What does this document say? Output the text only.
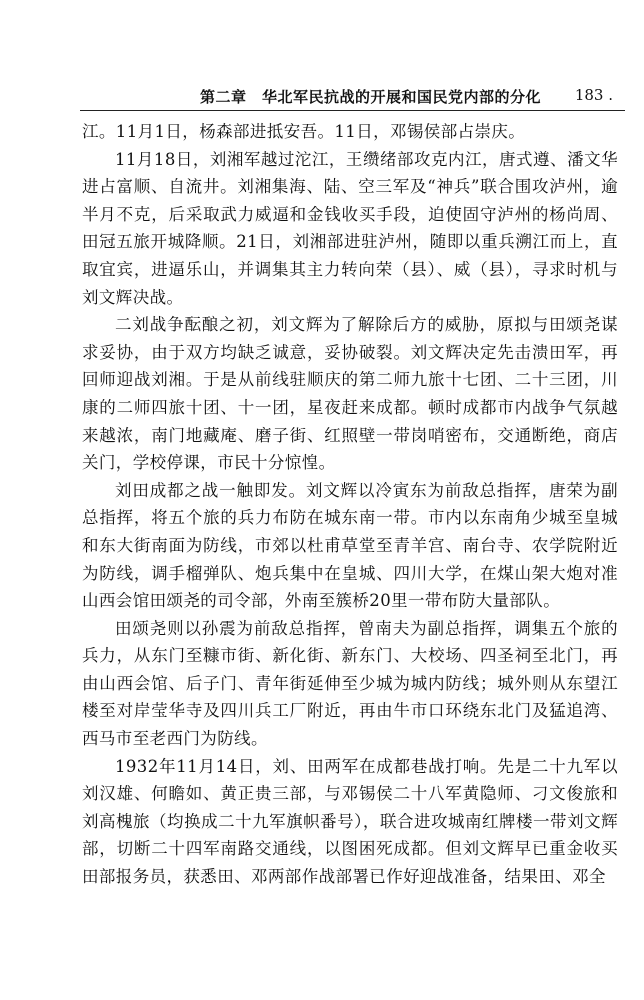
第二章　华北军民抗战的开展和国民党内部的分化 183 .

江。11月1日，杨森部进抵安吾。11日，邓锡侯部占崇庆。

11月18日，刘湘军越过沱江，王缵绪部攻克内江，唐式遵、潘文华进占富顺、自流井。刘湘集海、陆、空三军及“神兵”联合围攻泸州，逾半月不克，后采取武力威逼和金钱收买手段，迫使固守泸州的杨尚周、田冠五旅开城降顺。21日，刘湘部进驻泸州，随即以重兵溯江而上，直取宜宾，进逼乐山，并调集其主力转向荣（县）、威（县），寻求时机与刘文辉决战。

二刘战争酝酿之初，刘文辉为了解除后方的威胁，原拟与田颂尧谋求妥协，由于双方均缺乏诚意，妥协破裂。刘文辉决定先击溃田军，再回师迎战刘湘。于是从前线驻顺庆的第二师九旅十七团、二十三团，川康的二师四旅十团、十一团，星夜赶来成都。顿时成都市内战争气氛越来越浓，南门地藏庵、磨子街、红照壁一带岗哨密布，交通断绝，商店关门，学校停课，市民十分惊惶。

刘田成都之战一触即发。刘文辉以冷寅东为前敌总指挥，唐荣为副总指挥，将五个旅的兵力布防在城东南一带。市内以东南角少城至皇城和东大街南面为防线，市郊以杜甫草堂至青羊宫、南台寺、农学院附近为防线，调手榴弹队、炮兵集中在皇城、四川大学，在煤山架大炮对准山西会馆田颂尧的司令部，外南至簇桥20里一带布防大量部队。

田颂尧则以孙震为前敌总指挥，曾南夫为副总指挥，调集五个旅的兵力，从东门至糠市街、新化街、新东门、大校场、四圣祠至北门，再由山西会馆、后子门、青年街延伸至少城为城内防线；城外则从东望江楼至对岸莹华寺及四川兵工厂附近，再由牛市口环绕东北门及猛追湾、西马市至老西门为防线。

1932年11月14日，刘、田两军在成都巷战打响。先是二十九军以刘汉雄、何瞻如、黄正贵三部，与邓锡侯二十八军黄隐师、刁文俊旅和刘高槐旅（均换成二十九军旗帜番号），联合进攻城南红牌楼一带刘文辉部，切断二十四军南路交通线，以图困死成都。但刘文辉早已重金收买田部报务员，获悉田、邓两部作战部署已作好迎战准备，结果田、邓全
